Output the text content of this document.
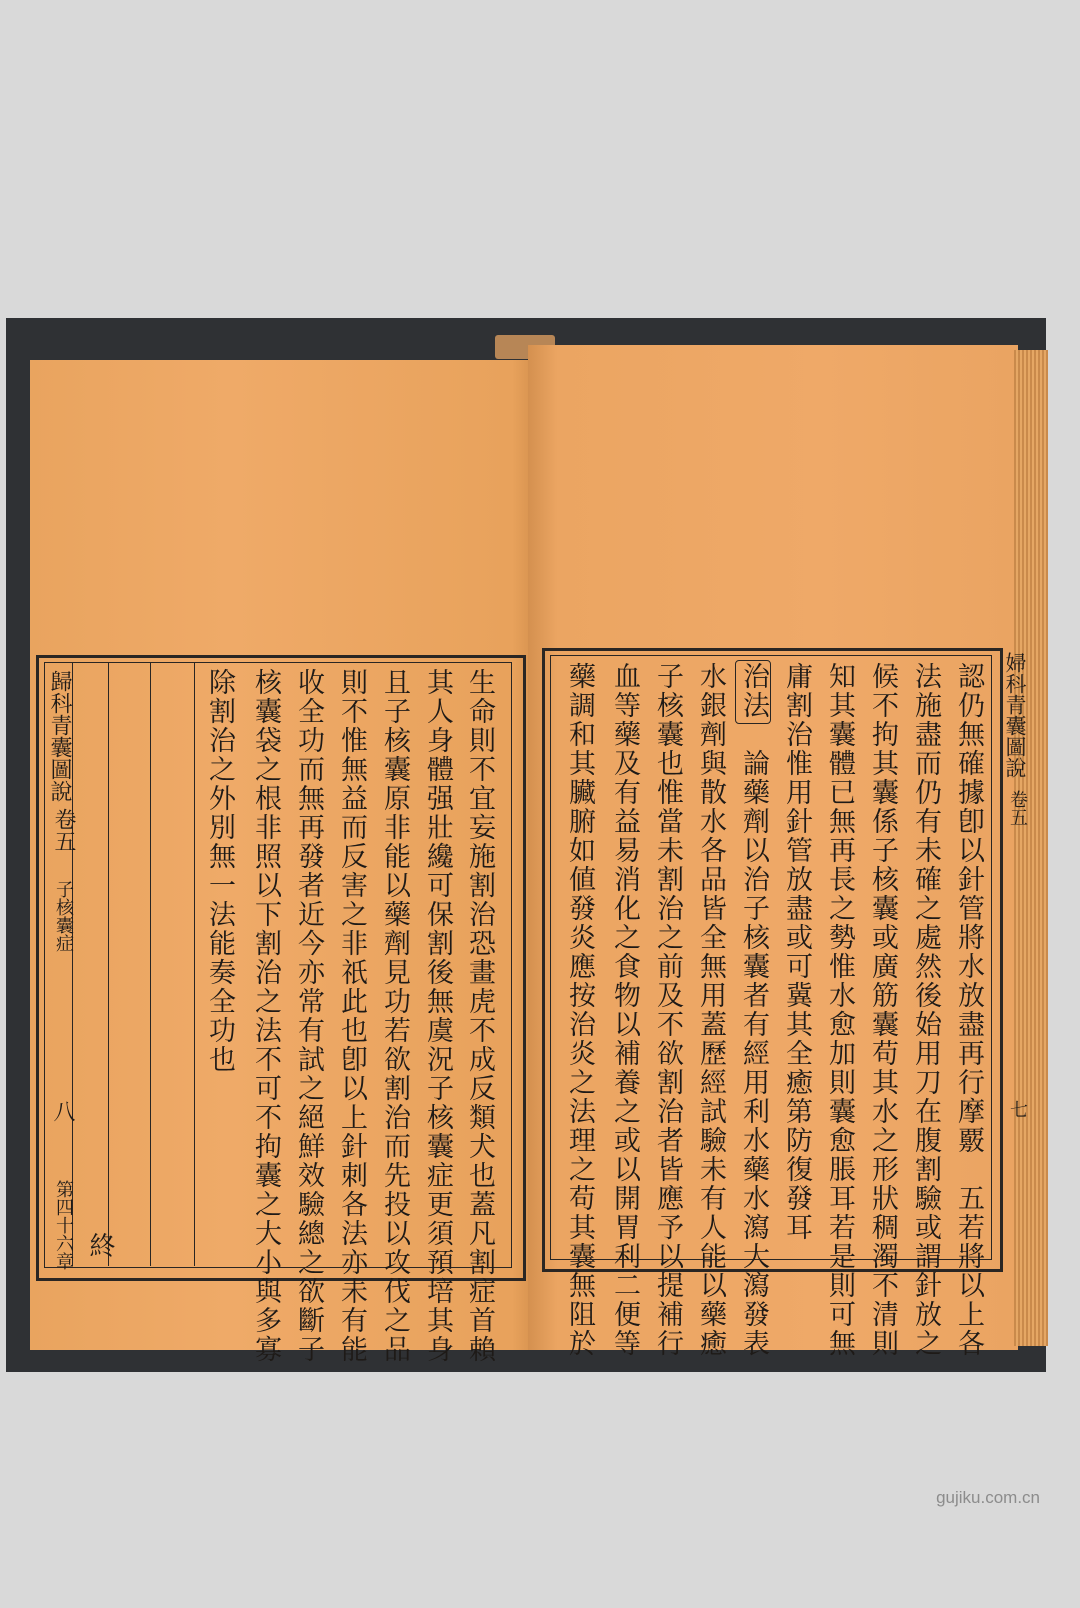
歸科青囊圖說
卷五
子核囊症
八
第四十六章 終	生命則不宜妄施割治恐畫虎不成反類犬也蓋凡割症首賴
其人身體强壯纔可保割後無虞況子核囊症更須預培其身
且子核囊原非能以藥劑見功若欲割治而先投以攻伐之品
則不惟無益而反害之非祇此也卽以上針刺各法亦未有能
收全功而無再發者近今亦常有試之絕鮮效驗總之欲斷子
核囊袋之根非照以下割治之法不可不拘囊之大小與多寡
除割治之外別無一法能奏全功也	婦科青囊圖說
卷五
七
認仍無確據卽以針管將水放盡再行摩覈　五若將以上各
法施盡而仍有未確之處然後始用刀在腹割驗或謂針放之
候不拘其囊係子核囊或廣筋囊苟其水之形狀稠濁不清則
知其囊體已無再長之勢惟水愈加則囊愈脹耳若是則可無
庸割治惟用針管放盡或可冀其全癒第防復發耳
治法　論藥劑以治子核囊者有經用利水藥水瀉大瀉發表
水銀劑與散水各品皆全無用蓋歷經試驗未有人能以藥癒
子核囊也惟當未割治之前及不欲割治者皆應予以提補行
血等藥及有益易消化之食物以補養之或以開胃利二便等
藥調和其臟腑如値發炎應按治炎之法理之苟其囊無阻於
gujiku.com.cn
